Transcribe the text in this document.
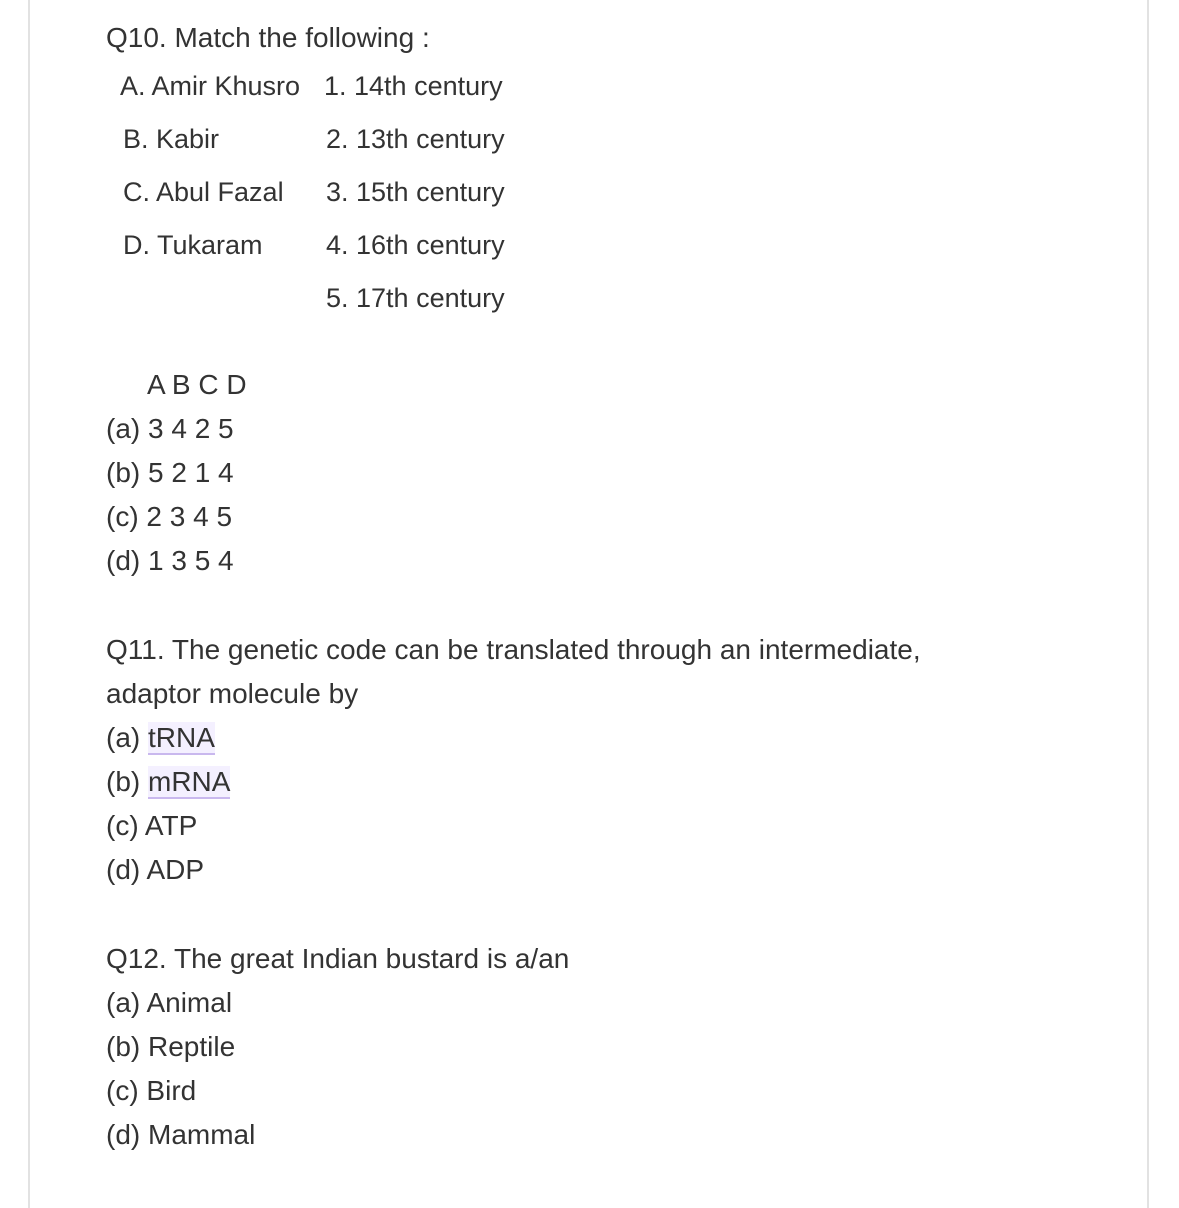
Q10. Match the following :
A. Amir Khusro
B. Kabir
C. Abul Fazal
D. Tukaram
1. 14th century
2. 13th century
3. 15th century
4. 16th century
5. 17th century
A B C D
(a) 3 4 2 5
(b) 5 2 1 4
(c) 2 3 4 5
(d) 1 3 5 4
Q11. The genetic code can be translated through an intermediate,
adaptor molecule by
(a) tRNA
(b) mRNA
(c) ATP
(d) ADP
Q12. The great Indian bustard is a/an
(a) Animal
(b) Reptile
(c) Bird
(d) Mammal
